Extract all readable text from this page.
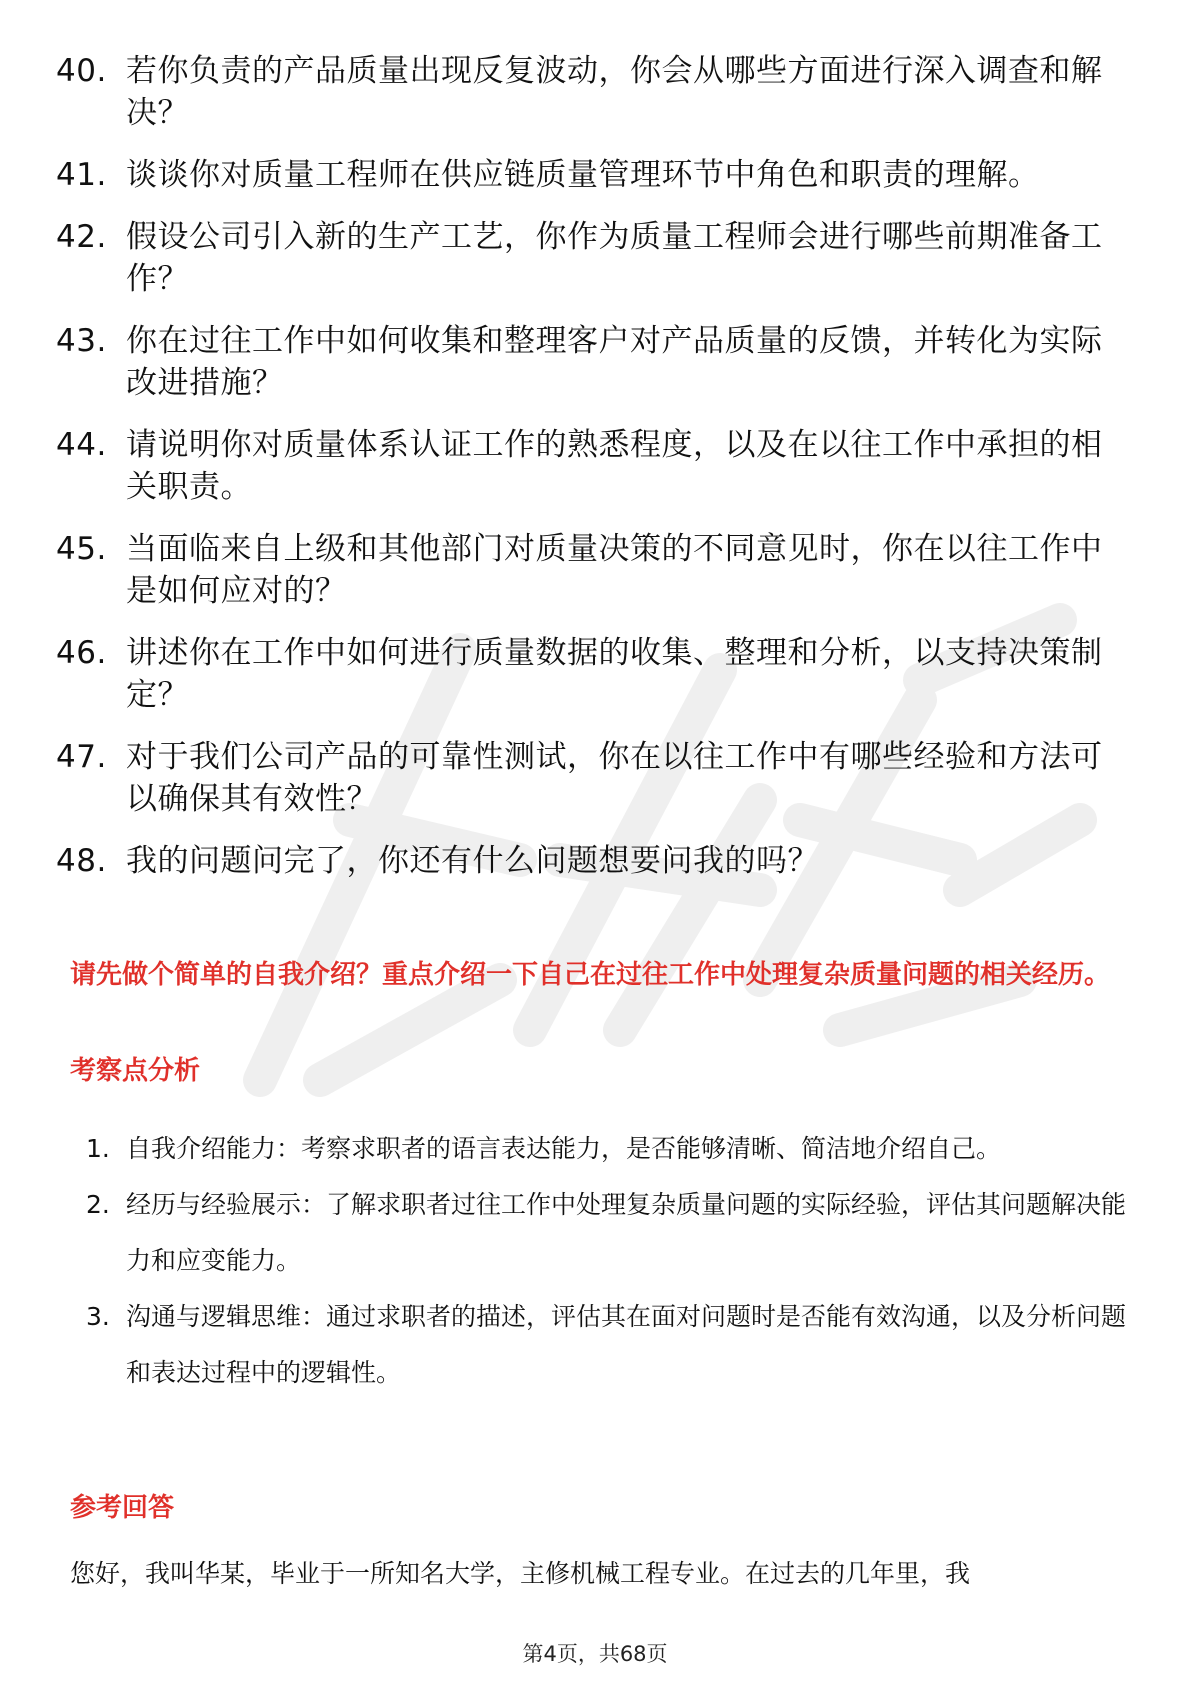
40. 若你负责的产品质量出现反复波动，你会从哪些方面进行深入调查和解决？
41. 谈谈你对质量工程师在供应链质量管理环节中角色和职责的理解。
42. 假设公司引入新的生产工艺，你作为质量工程师会进行哪些前期准备工作？
43. 你在过往工作中如何收集和整理客户对产品质量的反馈，并转化为实际改进措施？
44. 请说明你对质量体系认证工作的熟悉程度，以及在以往工作中承担的相关职责。
45. 当面临来自上级和其他部门对质量决策的不同意见时，你在以往工作中是如何应对的？
46. 讲述你在工作中如何进行质量数据的收集、整理和分析，以支持决策制定？
47. 对于我们公司产品的可靠性测试，你在以往工作中有哪些经验和方法可以确保其有效性？
48. 我的问题问完了，你还有什么问题想要问我的吗？
请先做个简单的自我介绍？重点介绍一下自己在过往工作中处理复杂质量问题的相关经历。
考察点分析
1. 自我介绍能力：考察求职者的语言表达能力，是否能够清晰、简洁地介绍自己。
2. 经历与经验展示：了解求职者过往工作中处理复杂质量问题的实际经验，评估其问题解决能力和应变能力。
3. 沟通与逻辑思维：通过求职者的描述，评估其在面对问题时是否能有效沟通，以及分析问题和表达过程中的逻辑性。
参考回答
您好，我叫华某，毕业于一所知名大学，主修机械工程专业。在过去的几年里，我
第4页，共68页
